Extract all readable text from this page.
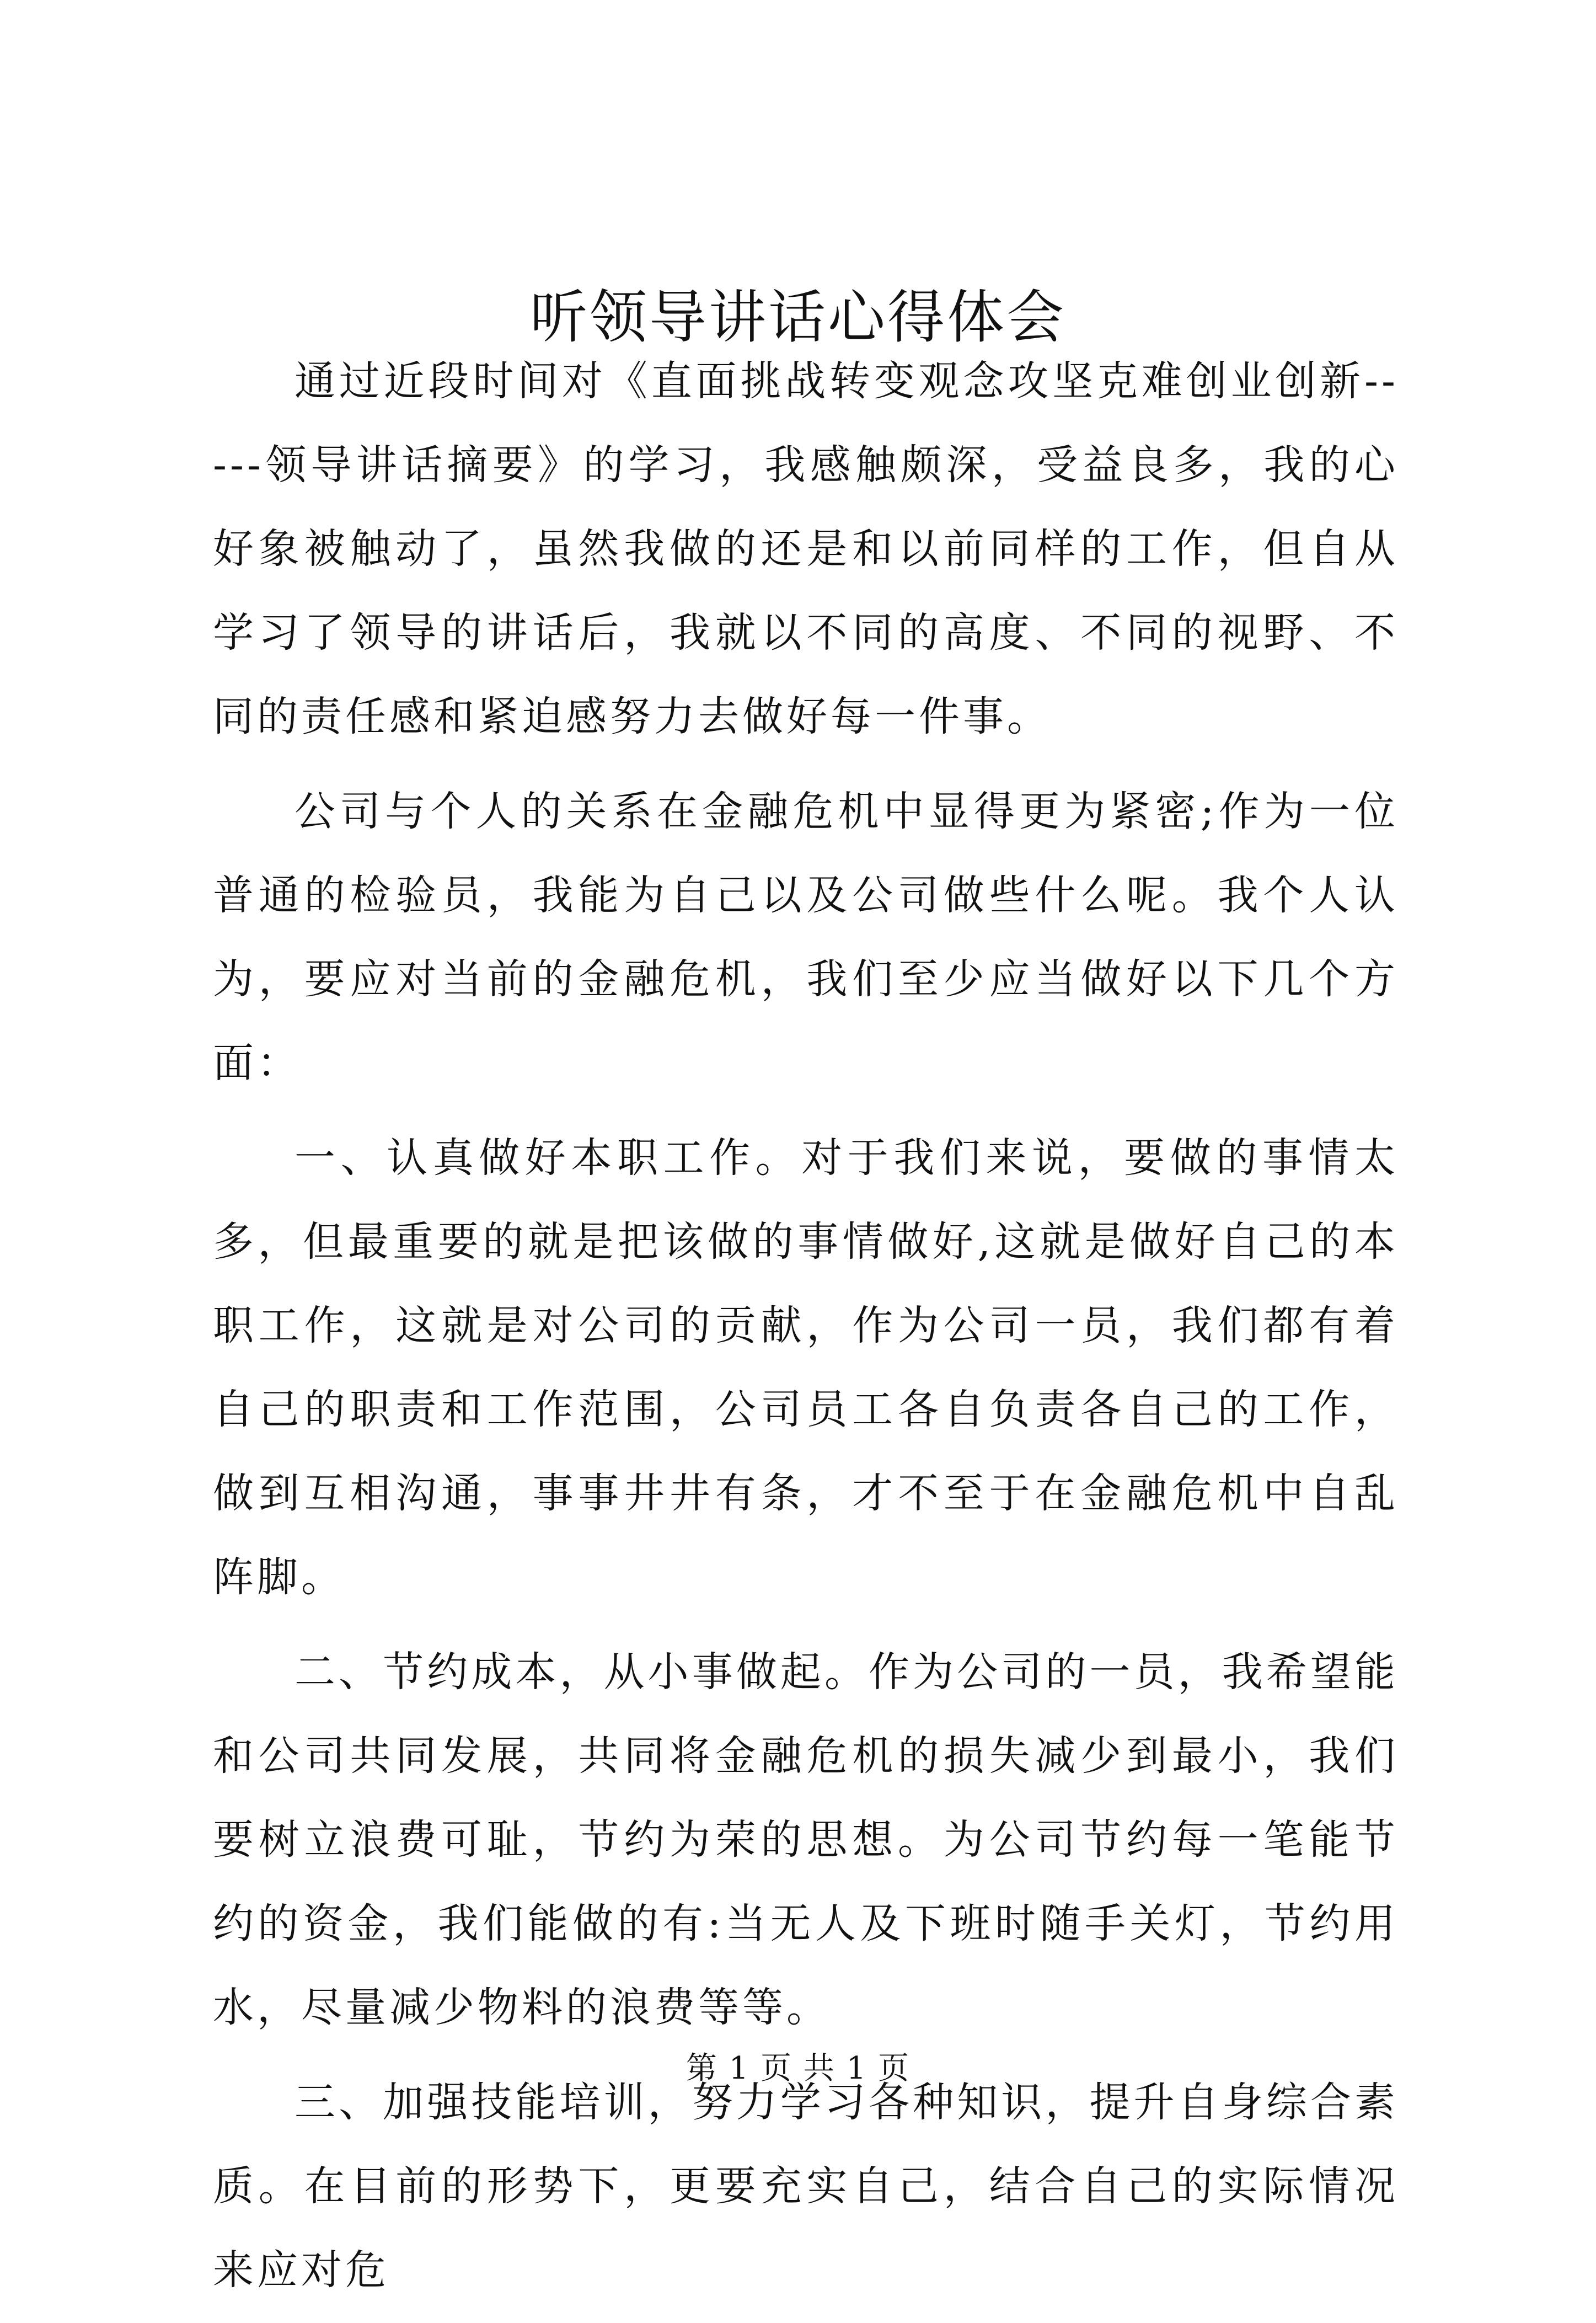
听领导讲话心得体会

通过近段时间对《直面挑战转变观念攻坚克难创业创新-----领导讲话摘要》的学习，我感触颇深，受益良多，我的心好象被触动了，虽然我做的还是和以前同样的工作，但自从学习了领导的讲话后，我就以不同的高度、不同的视野、不同的责任感和紧迫感努力去做好每一件事。

公司与个人的关系在金融危机中显得更为紧密;作为一位普通的检验员，我能为自己以及公司做些什么呢。我个人认为，要应对当前的金融危机，我们至少应当做好以下几个方面：

一、认真做好本职工作。对于我们来说，要做的事情太多，但最重要的就是把该做的事情做好,这就是做好自己的本职工作，这就是对公司的贡献，作为公司一员，我们都有着自己的职责和工作范围，公司员工各自负责各自己的工作，做到互相沟通，事事井井有条，才不至于在金融危机中自乱阵脚。

二、节约成本，从小事做起。作为公司的一员，我希望能和公司共同发展，共同将金融危机的损失减少到最小，我们要树立浪费可耻，节约为荣的思想。为公司节约每一笔能节约的资金，我们能做的有:当无人及下班时随手关灯，节约用水，尽量减少物料的浪费等等。

三、加强技能培训，努力学习各种知识，提升自身综合素质。在目前的形势下，更要充实自己，结合自己的实际情况来应对危

第 1 页 共 1 页
